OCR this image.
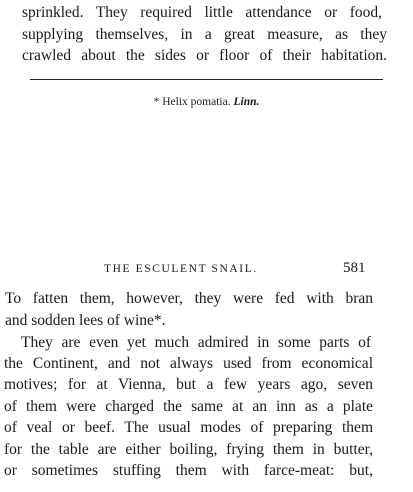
sprinkled. They required little attendance or food,
supplying themselves, in a great measure, as they
crawled about the sides or floor of their habitation.
* Helix pomatia. Linn.
THE ESCULENT SNAIL.	581
To fatten them, however, they were fed with bran
and sodden lees of wine*.
They are even yet much admired in some parts of
the Continent, and not always used from economical
motives; for at Vienna, but a few years ago, seven
of them were charged the same at an inn as a plate
of veal or beef. The usual modes of preparing them
for the table are either boiling, frying them in butter,
or sometimes stuffing them with farce-meat: but,
